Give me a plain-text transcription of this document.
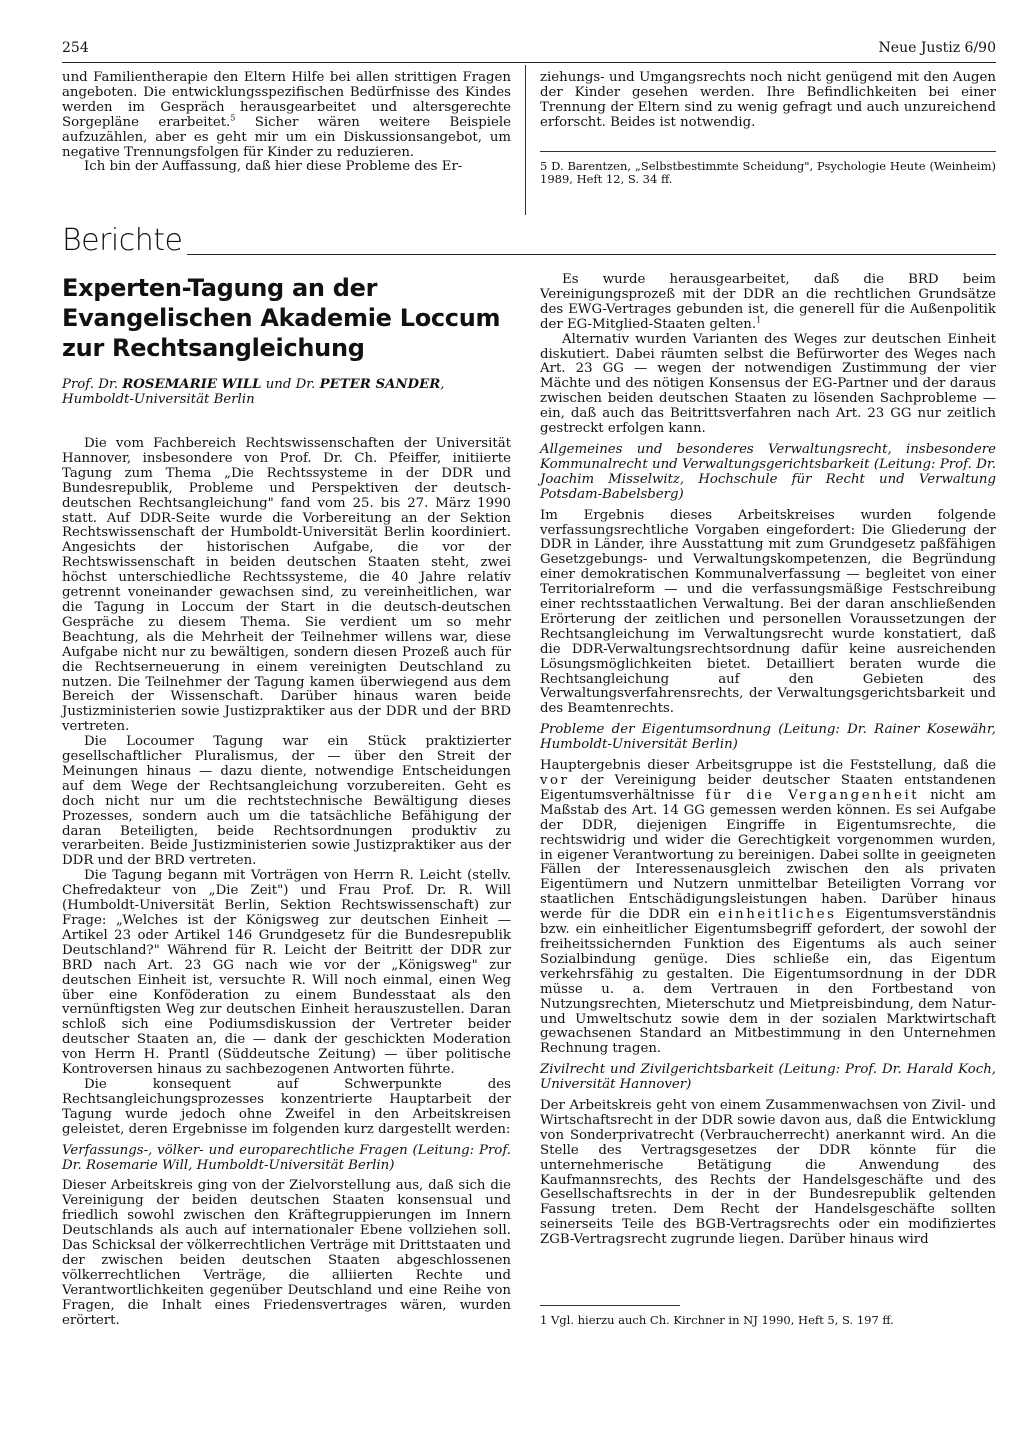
254	Neue Justiz 6/90

und Familientherapie den Eltern Hilfe bei allen strittigen Fragen angeboten. Die entwicklungsspezifischen Bedürfnisse des Kindes werden im Gespräch herausgearbeitet und altersgerechte Sorgepläne erarbeitet.$^5$ Sicher wären weitere Beispiele aufzuzählen, aber es geht mir um ein Diskussionsangebot, um negative Trennungsfolgen für Kinder zu reduzieren.

Ich bin der Auffassung, daß hier diese Probleme des Er-

ziehungs- und Umgangsrechts noch nicht genügend mit den Augen der Kinder gesehen werden. Ihre Befindlichkeiten bei einer Trennung der Eltern sind zu wenig gefragt und auch unzureichend erforscht. Beides ist notwendig.

5 D. Barentzen, „Selbstbestimmte Scheidung", Psychologie Heute (Weinheim) 1989, Heft 12, S. 34 ff.

Berichte
Experten-Tagung an der Evangelischen Akademie Loccum zur Rechtsangleichung
Prof. Dr. ROSEMARIE WILL und Dr. PETER SANDER, Humboldt-Universität Berlin

Die vom Fachbereich Rechtswissenschaften der Universität Hannover, insbesondere von Prof. Dr. Ch. Pfeiffer, initiierte Tagung zum Thema „Die Rechtssysteme in der DDR und Bundesrepublik, Probleme und Perspektiven der deutsch-deutschen Rechtsangleichung" fand vom 25. bis 27. März 1990 statt. Auf DDR-Seite wurde die Vorbereitung an der Sektion Rechtswissenschaft der Humboldt-Universität Berlin koordiniert. Angesichts der historischen Aufgabe, die vor der Rechtswissenschaft in beiden deutschen Staaten steht, zwei höchst unterschiedliche Rechtssysteme, die 40 Jahre relativ getrennt voneinander gewachsen sind, zu vereinheitlichen, war die Tagung in Loccum der Start in die deutsch-deutschen Gespräche zu diesem Thema. Sie verdient um so mehr Beachtung, als die Mehrheit der Teilnehmer willens war, diese Aufgabe nicht nur zu bewältigen, sondern diesen Prozeß auch für die Rechtserneuerung in einem vereinigten Deutschland zu nutzen. Die Teilnehmer der Tagung kamen überwiegend aus dem Bereich der Wissenschaft. Darüber hinaus waren beide Justizministerien sowie Justizpraktiker aus der DDR und der BRD vertreten.

Die Locoumer Tagung war ein Stück praktizierter gesellschaftlicher Pluralismus, der — über den Streit der Meinungen hinaus — dazu diente, notwendige Entscheidungen auf dem Wege der Rechtsangleichung vorzubereiten. Geht es doch nicht nur um die rechtstechnische Bewältigung dieses Prozesses, sondern auch um die tatsächliche Befähigung der daran Beteiligten, beide Rechtsordnungen produktiv zu verarbeiten. Beide Justizministerien sowie Justizpraktiker aus der DDR und der BRD vertreten.

Die Tagung begann mit Vorträgen von Herrn R. Leicht (stellv. Chefredakteur von „Die Zeit") und Frau Prof. Dr. R. Will (Humboldt-Universität Berlin, Sektion Rechtswissenschaft) zur Frage: „Welches ist der Königsweg zur deutschen Einheit — Artikel 23 oder Artikel 146 Grundgesetz für die Bundesrepublik Deutschland?" Während für R. Leicht der Beitritt der DDR zur BRD nach Art. 23 GG nach wie vor der „Königsweg" zur deutschen Einheit ist, versuchte R. Will noch einmal, einen Weg über eine Konföderation zu einem Bundesstaat als den vernünftigsten Weg zur deutschen Einheit herauszustellen. Daran schloß sich eine Podiumsdiskussion der Vertreter beider deutscher Staaten an, die — dank der geschickten Moderation von Herrn H. Prantl (Süddeutsche Zeitung) — über politische Kontroversen hinaus zu sachbezogenen Antworten führte.

Die konsequent auf Schwerpunkte des Rechtsangleichungsprozesses konzentrierte Hauptarbeit der Tagung wurde jedoch ohne Zweifel in den Arbeitskreisen geleistet, deren Ergebnisse im folgenden kurz dargestellt werden:

Verfassungs-, völker- und europarechtliche Fragen (Leitung: Prof. Dr. Rosemarie Will, Humboldt-Universität Berlin)

Dieser Arbeitskreis ging von der Zielvorstellung aus, daß sich die Vereinigung der beiden deutschen Staaten konsensual und friedlich sowohl zwischen den Kräftegruppierungen im Innern Deutschlands als auch auf internationaler Ebene vollziehen soll. Das Schicksal der völkerrechtlichen Verträge mit Drittstaaten und der zwischen beiden deutschen Staaten abgeschlossenen völkerrechtlichen Verträge, die alliierten Rechte und Verantwortlichkeiten gegenüber Deutschland und eine Reihe von Fragen, die Inhalt eines Friedensvertrages wären, wurden erörtert.

Es wurde herausgearbeitet, daß die BRD beim Vereinigungsprozeß mit der DDR an die rechtlichen Grundsätze des EWG-Vertrages gebunden ist, die generell für die Außenpolitik der EG-Mitglied-Staaten gelten.$^1$

Alternativ wurden Varianten des Weges zur deutschen Einheit diskutiert. Dabei räumten selbst die Befürworter des Weges nach Art. 23 GG — wegen der notwendigen Zustimmung der vier Mächte und des nötigen Konsensus der EG-Partner und der daraus zwischen beiden deutschen Staaten zu lösenden Sachprobleme — ein, daß auch das Beitrittsverfahren nach Art. 23 GG nur zeitlich gestreckt erfolgen kann.

Allgemeines und besonderes Verwaltungsrecht, insbesondere Kommunalrecht und Verwaltungsgerichtsbarkeit (Leitung: Prof. Dr. Joachim Misselwitz, Hochschule für Recht und Verwaltung Potsdam-Babelsberg)

Im Ergebnis dieses Arbeitskreises wurden folgende verfassungsrechtliche Vorgaben eingefordert: Die Gliederung der DDR in Länder, ihre Ausstattung mit zum Grundgesetz paßfähigen Gesetzgebungs- und Verwaltungskompetenzen, die Begründung einer demokratischen Kommunalverfassung — begleitet von einer Territorialreform — und die verfassungsmäßige Festschreibung einer rechtsstaatlichen Verwaltung. Bei der daran anschließenden Erörterung der zeitlichen und personellen Voraussetzungen der Rechtsangleichung im Verwaltungsrecht wurde konstatiert, daß die DDR-Verwaltungsrechtsordnung dafür keine ausreichenden Lösungsmöglichkeiten bietet. Detailliert beraten wurde die Rechtsangleichung auf den Gebieten des Verwaltungsverfahrensrechts, der Verwaltungsgerichtsbarkeit und des Beamtenrechts.

Probleme der Eigentumsordnung (Leitung: Dr. Rainer Kosewähr, Humboldt-Universität Berlin)

Hauptergebnis dieser Arbeitsgruppe ist die Feststellung, daß die vor der Vereinigung beider deutscher Staaten entstandenen Eigentumsverhältnisse für die Vergangenheit nicht am Maßstab des Art. 14 GG gemessen werden können. Es sei Aufgabe der DDR, diejenigen Eingriffe in Eigentumsrechte, die rechtswidrig und wider die Gerechtigkeit vorgenommen wurden, in eigener Verantwortung zu bereinigen. Dabei sollte in geeigneten Fällen der Interessenausgleich zwischen den als privaten Eigentümern und Nutzern unmittelbar Beteiligten Vorrang vor staatlichen Entschädigungsleistungen haben. Darüber hinaus werde für die DDR ein einheitliches Eigentumsverständnis bzw. ein einheitlicher Eigentumsbegriff gefordert, der sowohl der freiheitssichernden Funktion des Eigentums als auch seiner Sozialbindung genüge. Dies schließe ein, das Eigentum verkehrsfähig zu gestalten. Die Eigentumsordnung in der DDR müsse u. a. dem Vertrauen in den Fortbestand von Nutzungsrechten, Mieterschutz und Mietpreisbindung, dem Natur- und Umweltschutz sowie dem in der sozialen Marktwirtschaft gewachsenen Standard an Mitbestimmung in den Unternehmen Rechnung tragen.

Zivilrecht und Zivilgerichtsbarkeit (Leitung: Prof. Dr. Harald Koch, Universität Hannover)

Der Arbeitskreis geht von einem Zusammenwachsen von Zivil- und Wirtschaftsrecht in der DDR sowie davon aus, daß die Entwicklung von Sonderprivatrecht (Verbraucherrecht) anerkannt wird. An die Stelle des Vertragsgesetzes der DDR könnte für die unternehmerische Betätigung die Anwendung des Kaufmannsrechts, des Rechts der Handelsgeschäfte und des Gesellschaftsrechts in der in der Bundesrepublik geltenden Fassung treten. Dem Recht der Handelsgeschäfte sollten seinerseits Teile des BGB-Vertragsrechts oder ein modifiziertes ZGB-Vertragsrecht zugrunde liegen. Darüber hinaus wird

1 Vgl. hierzu auch Ch. Kirchner in NJ 1990, Heft 5, S. 197 ff.
